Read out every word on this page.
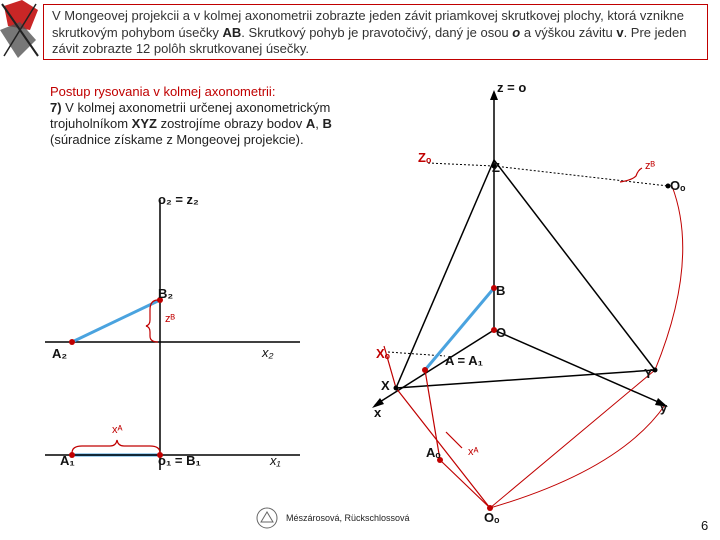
V Mongeovej projekcii a v kolmej axonometrii zobrazte jeden závit priamkovej skrutkovej plochy, ktorá vznikne skrutkovým pohybom úsečky AB. Skrutkový pohyb je pravotočivý, daný je osou o a výškou závitu v. Pre jeden závit zobrazte 12 polôh skrutkovanej úsečky.
Postup rysovania v kolmej axonometrii:
7) V kolmej axonometrii určenej axonometrickým trojuholníkom XYZ zostrojíme obrazy bodov A, B (súradnice získame z Mongeovej projekcie).
z = o
Zₒ
Z	zᴮ
Oₒ
o₂ = z₂
B₂	B
zᴮ
O
A₂	x₂	Xₒ	A = A₁
Y
X
y
x
xᴬ
A₁	o₁ = B₁	x₁
Aₒ xᴬ
Oₒ
Mészárosová, Rückschlossová	6
